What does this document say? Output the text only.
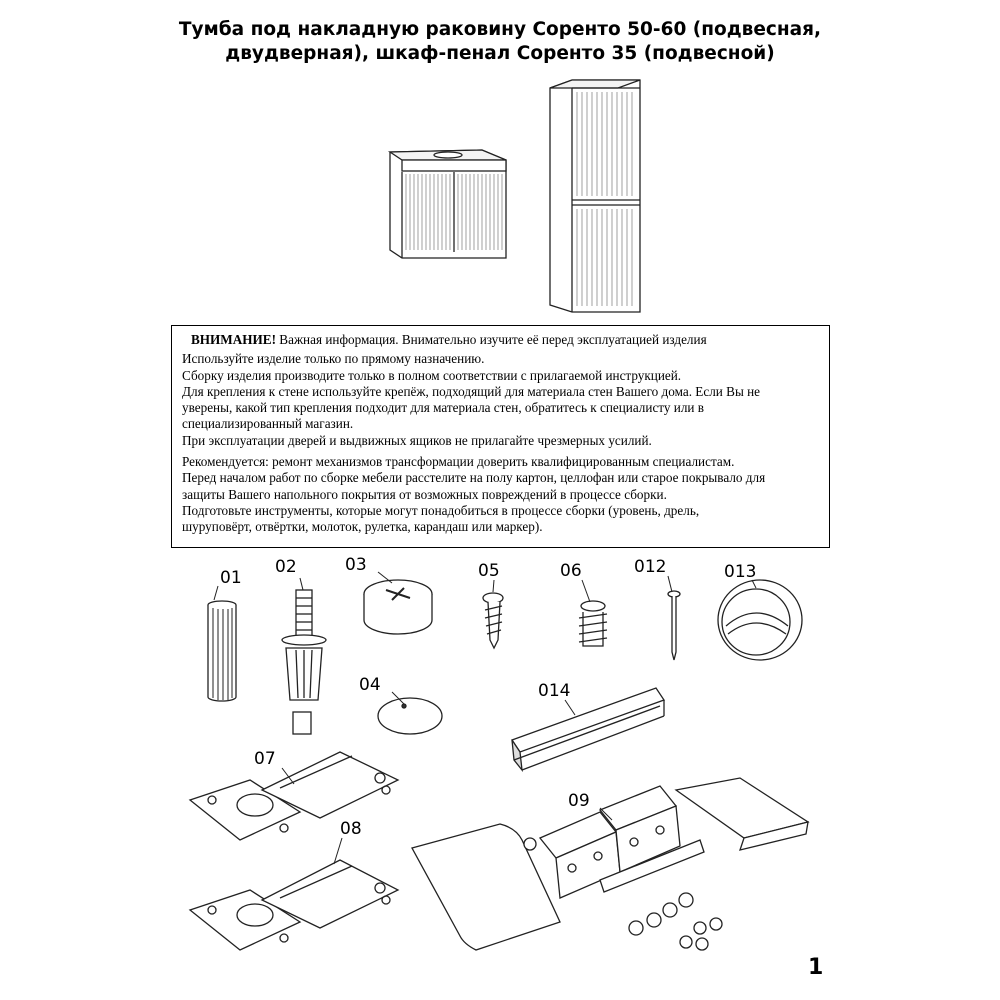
Тумба под накладную раковину Соренто 50-60 (подвесная,
двудверная), шкаф-пенал Соренто 35 (подвесной)
01
02	03
04
05	06	012	013
014
07
08
09
ВНИМАНИЕ! Важная информация. Внимательно изучите её перед эксплуатацией изделия
Используйте изделие только по прямому назначению.
Сборку изделия производите только в полном соответствии с прилагаемой инструкцией.
Для крепления к стене используйте крепёж, подходящий для материала стен Вашего дома. Если Вы не
уверены, какой тип крепления подходит для материала стен, обратитесь к специалисту или в
специализированный магазин.
При эксплуатации дверей и выдвижных ящиков не прилагайте чрезмерных усилий.
Рекомендуется: ремонт механизмов трансформации доверить квалифицированным специалистам.
Перед началом работ по сборке мебели расстелите на полу картон, целлофан или старое покрывало для
защиты Вашего напольного покрытия от возможных повреждений в процессе сборки.
Подготовьте инструменты, которые могут понадобиться в процессе сборки (уровень, дрель,
шуруповёрт, отвёртки, молоток, рулетка, карандаш или маркер).
1
